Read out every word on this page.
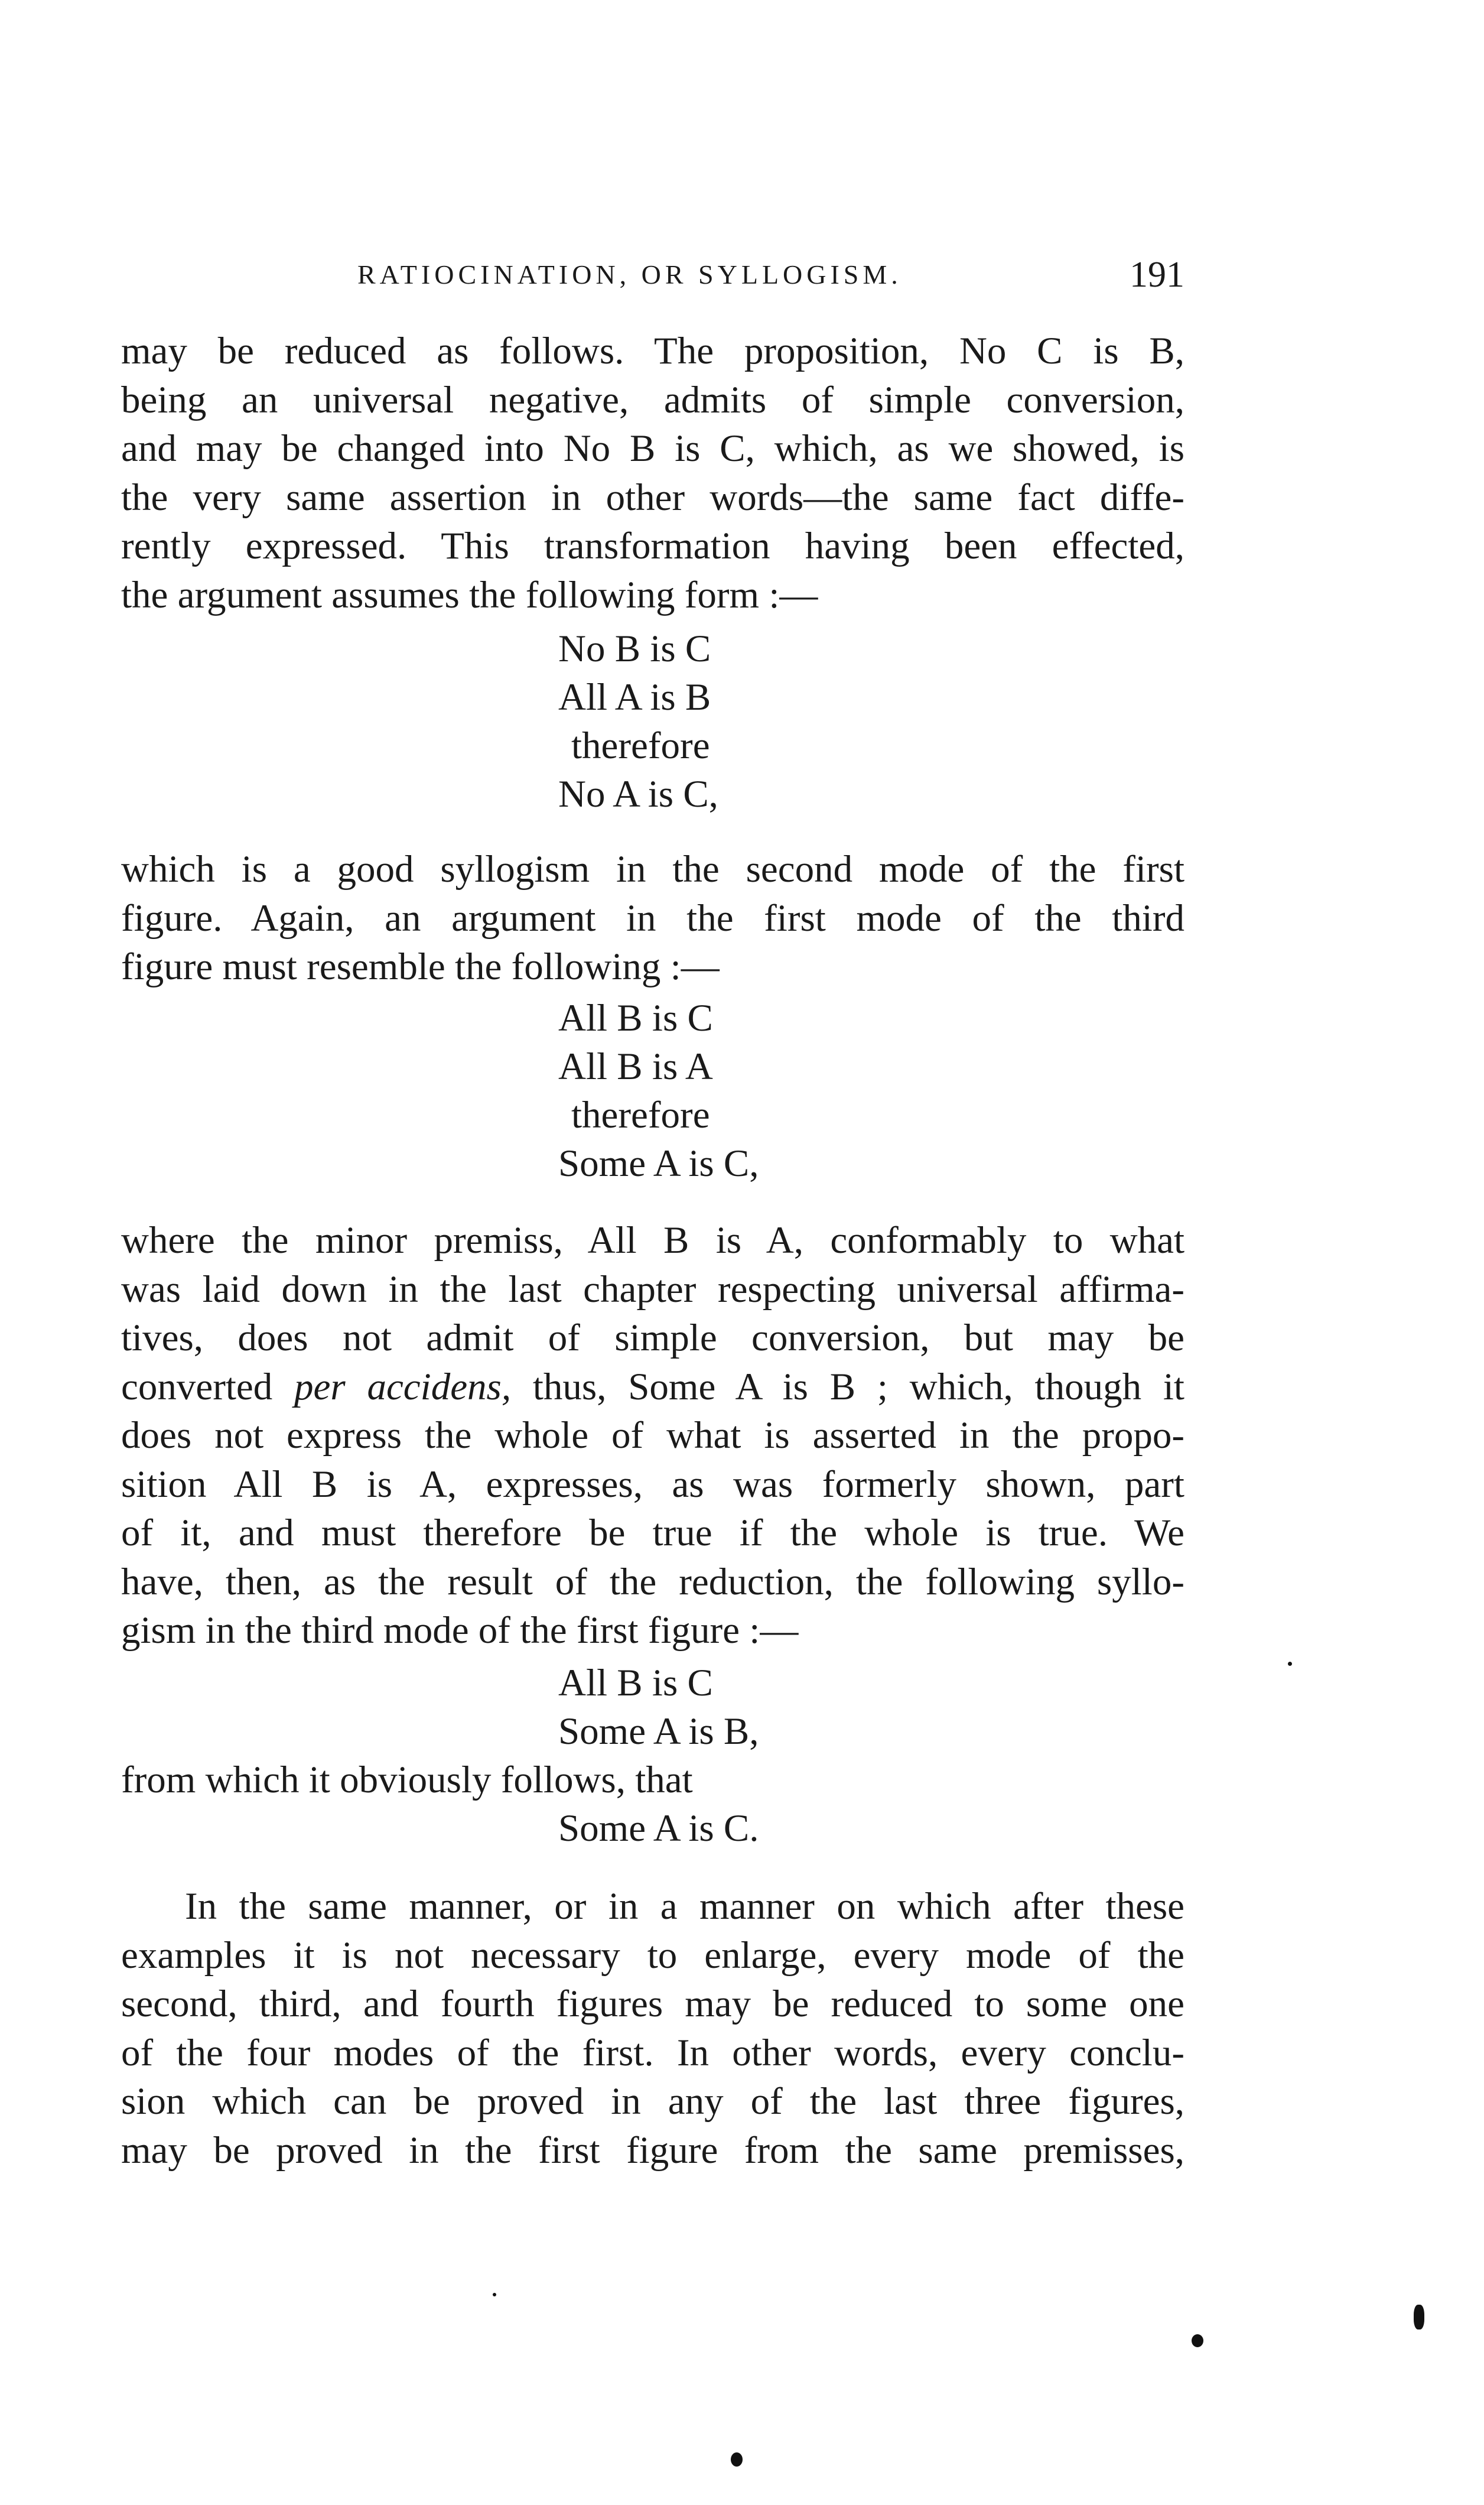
RATIOCINATION, OR SYLLOGISM.	191
may be reduced as follows. The proposition, No C is B,
being an universal negative, admits of simple conversion,
and may be changed into No B is C, which, as we showed, is
the very same assertion in other words—the same fact diffe-
rently expressed. This transformation having been effected,
the argument assumes the following form :—
No B is C
All A is B
therefore
No A is C,
which is a good syllogism in the second mode of the first
figure. Again, an argument in the first mode of the third
figure must resemble the following :—
All B is C
All B is A
therefore
Some A is C,
where the minor premiss, All B is A, conformably to what
was laid down in the last chapter respecting universal affirma-
tives, does not admit of simple conversion, but may be
converted per accidens, thus, Some A is B ; which, though it
does not express the whole of what is asserted in the propo-
sition All B is A, expresses, as was formerly shown, part
of it, and must therefore be true if the whole is true. We
have, then, as the result of the reduction, the following syllo-
gism in the third mode of the first figure :—
All B is C
Some A is B,
from which it obviously follows, that
Some A is C.
In the same manner, or in a manner on which after these
examples it is not necessary to enlarge, every mode of the
second, third, and fourth figures may be reduced to some one
of the four modes of the first. In other words, every conclu-
sion which can be proved in any of the last three figures,
may be proved in the first figure from the same premisses,
